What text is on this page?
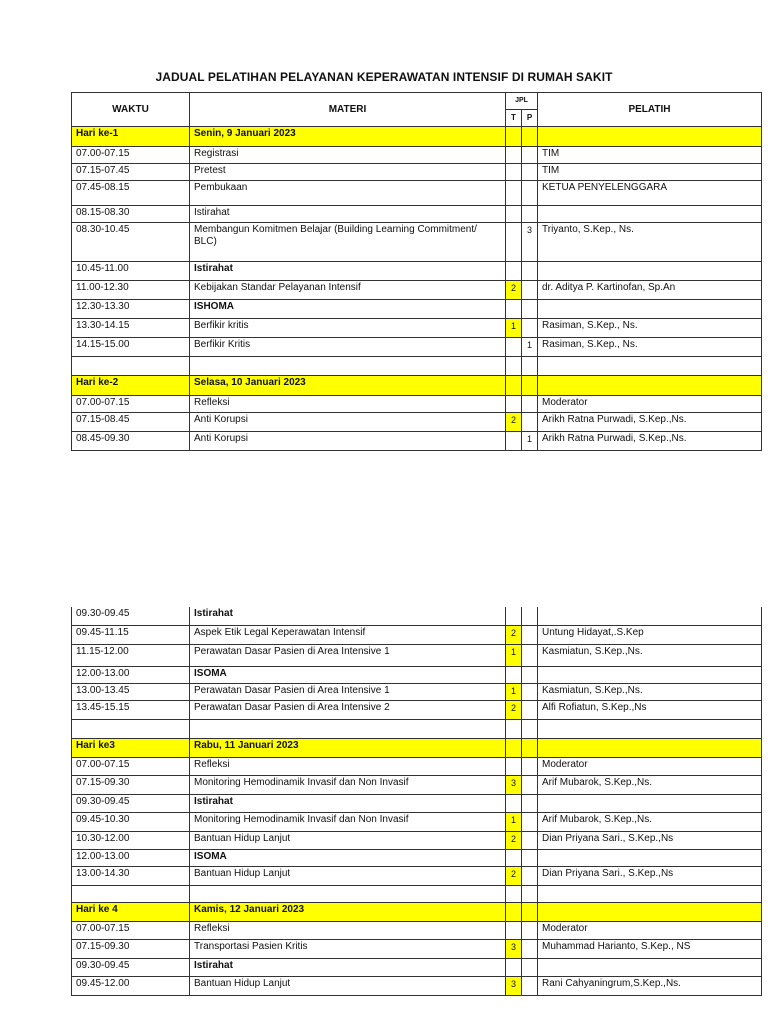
JADUAL PELATIHAN PELAYANAN KEPERAWATAN INTENSIF DI RUMAH SAKIT
WAKTU	MATERI	JPL		PELATIH
		T	P	
Hari ke-1	Senin, 9 Januari 2023			
07.00-07.15	Registrasi			TIM
07.15-07.45	Pretest			TIM
07.45-08.15	Pembukaan			KETUA PENYELENGGARA
08.15-08.30	Istirahat			
08.30-10.45	Membangun Komitmen Belajar (Building Learning Commitment/ BLC)		3	Triyanto, S.Kep., Ns.
10.45-11.00	Istirahat			
11.00-12.30	Kebijakan Standar Pelayanan Intensif	2		dr. Aditya P. Kartinofan, Sp.An
12.30-13.30	ISHOMA			
13.30-14.15	Berfikir kritis	1		Rasiman, S.Kep., Ns.
14.15-15.00	Berfikir Kritis		1	Rasiman, S.Kep., Ns.

Hari ke-2	Selasa, 10 Januari 2023			
07.00-07.15	Refleksi			Moderator
07.15-08.45	Anti Korupsi	2		Arikh Ratna Purwadi, S.Kep.,Ns.
08.45-09.30	Anti Korupsi		1	Arikh Ratna Purwadi, S.Kep.,Ns.
09.30-09.45	Istirahat			
09.45-11.15	Aspek Etik Legal Keperawatan Intensif	2		Untung Hidayat,.S.Kep
11.15-12.00	Perawatan Dasar Pasien di Area Intensive 1	1		Kasmiatun, S.Kep.,Ns.
12.00-13.00	ISOMA			
13.00-13.45	Perawatan Dasar Pasien di Area Intensive 1	1		Kasmiatun, S.Kep.,Ns.
13.45-15.15	Perawatan Dasar Pasien di Area Intensive 2	2		Alfi Rofiatun, S.Kep.,Ns

Hari ke3	Rabu, 11 Januari 2023			
07.00-07.15	Refleksi			Moderator
07.15-09.30	Monitoring Hemodinamik Invasif dan Non Invasif	3		Arif Mubarok, S.Kep.,Ns.
09.30-09.45	Istirahat			
09.45-10.30	Monitoring Hemodinamik Invasif dan Non Invasif	1		Arif Mubarok, S.Kep.,Ns.
10.30-12.00	Bantuan Hidup Lanjut	2		Dian Priyana Sari., S.Kep.,Ns
12.00-13.00	ISOMA			
13.00-14.30	Bantuan Hidup Lanjut	2		Dian Priyana Sari., S.Kep.,Ns

Hari ke 4	Kamis, 12 Januari 2023			
07.00-07.15	Refleksi			Moderator
07.15-09.30	Transportasi Pasien Kritis	3		Muhammad Harianto, S.Kep., NS
09.30-09.45	Istirahat			
09.45-12.00	Bantuan Hidup Lanjut	3		Rani Cahyaningrum,S.Kep.,Ns.
